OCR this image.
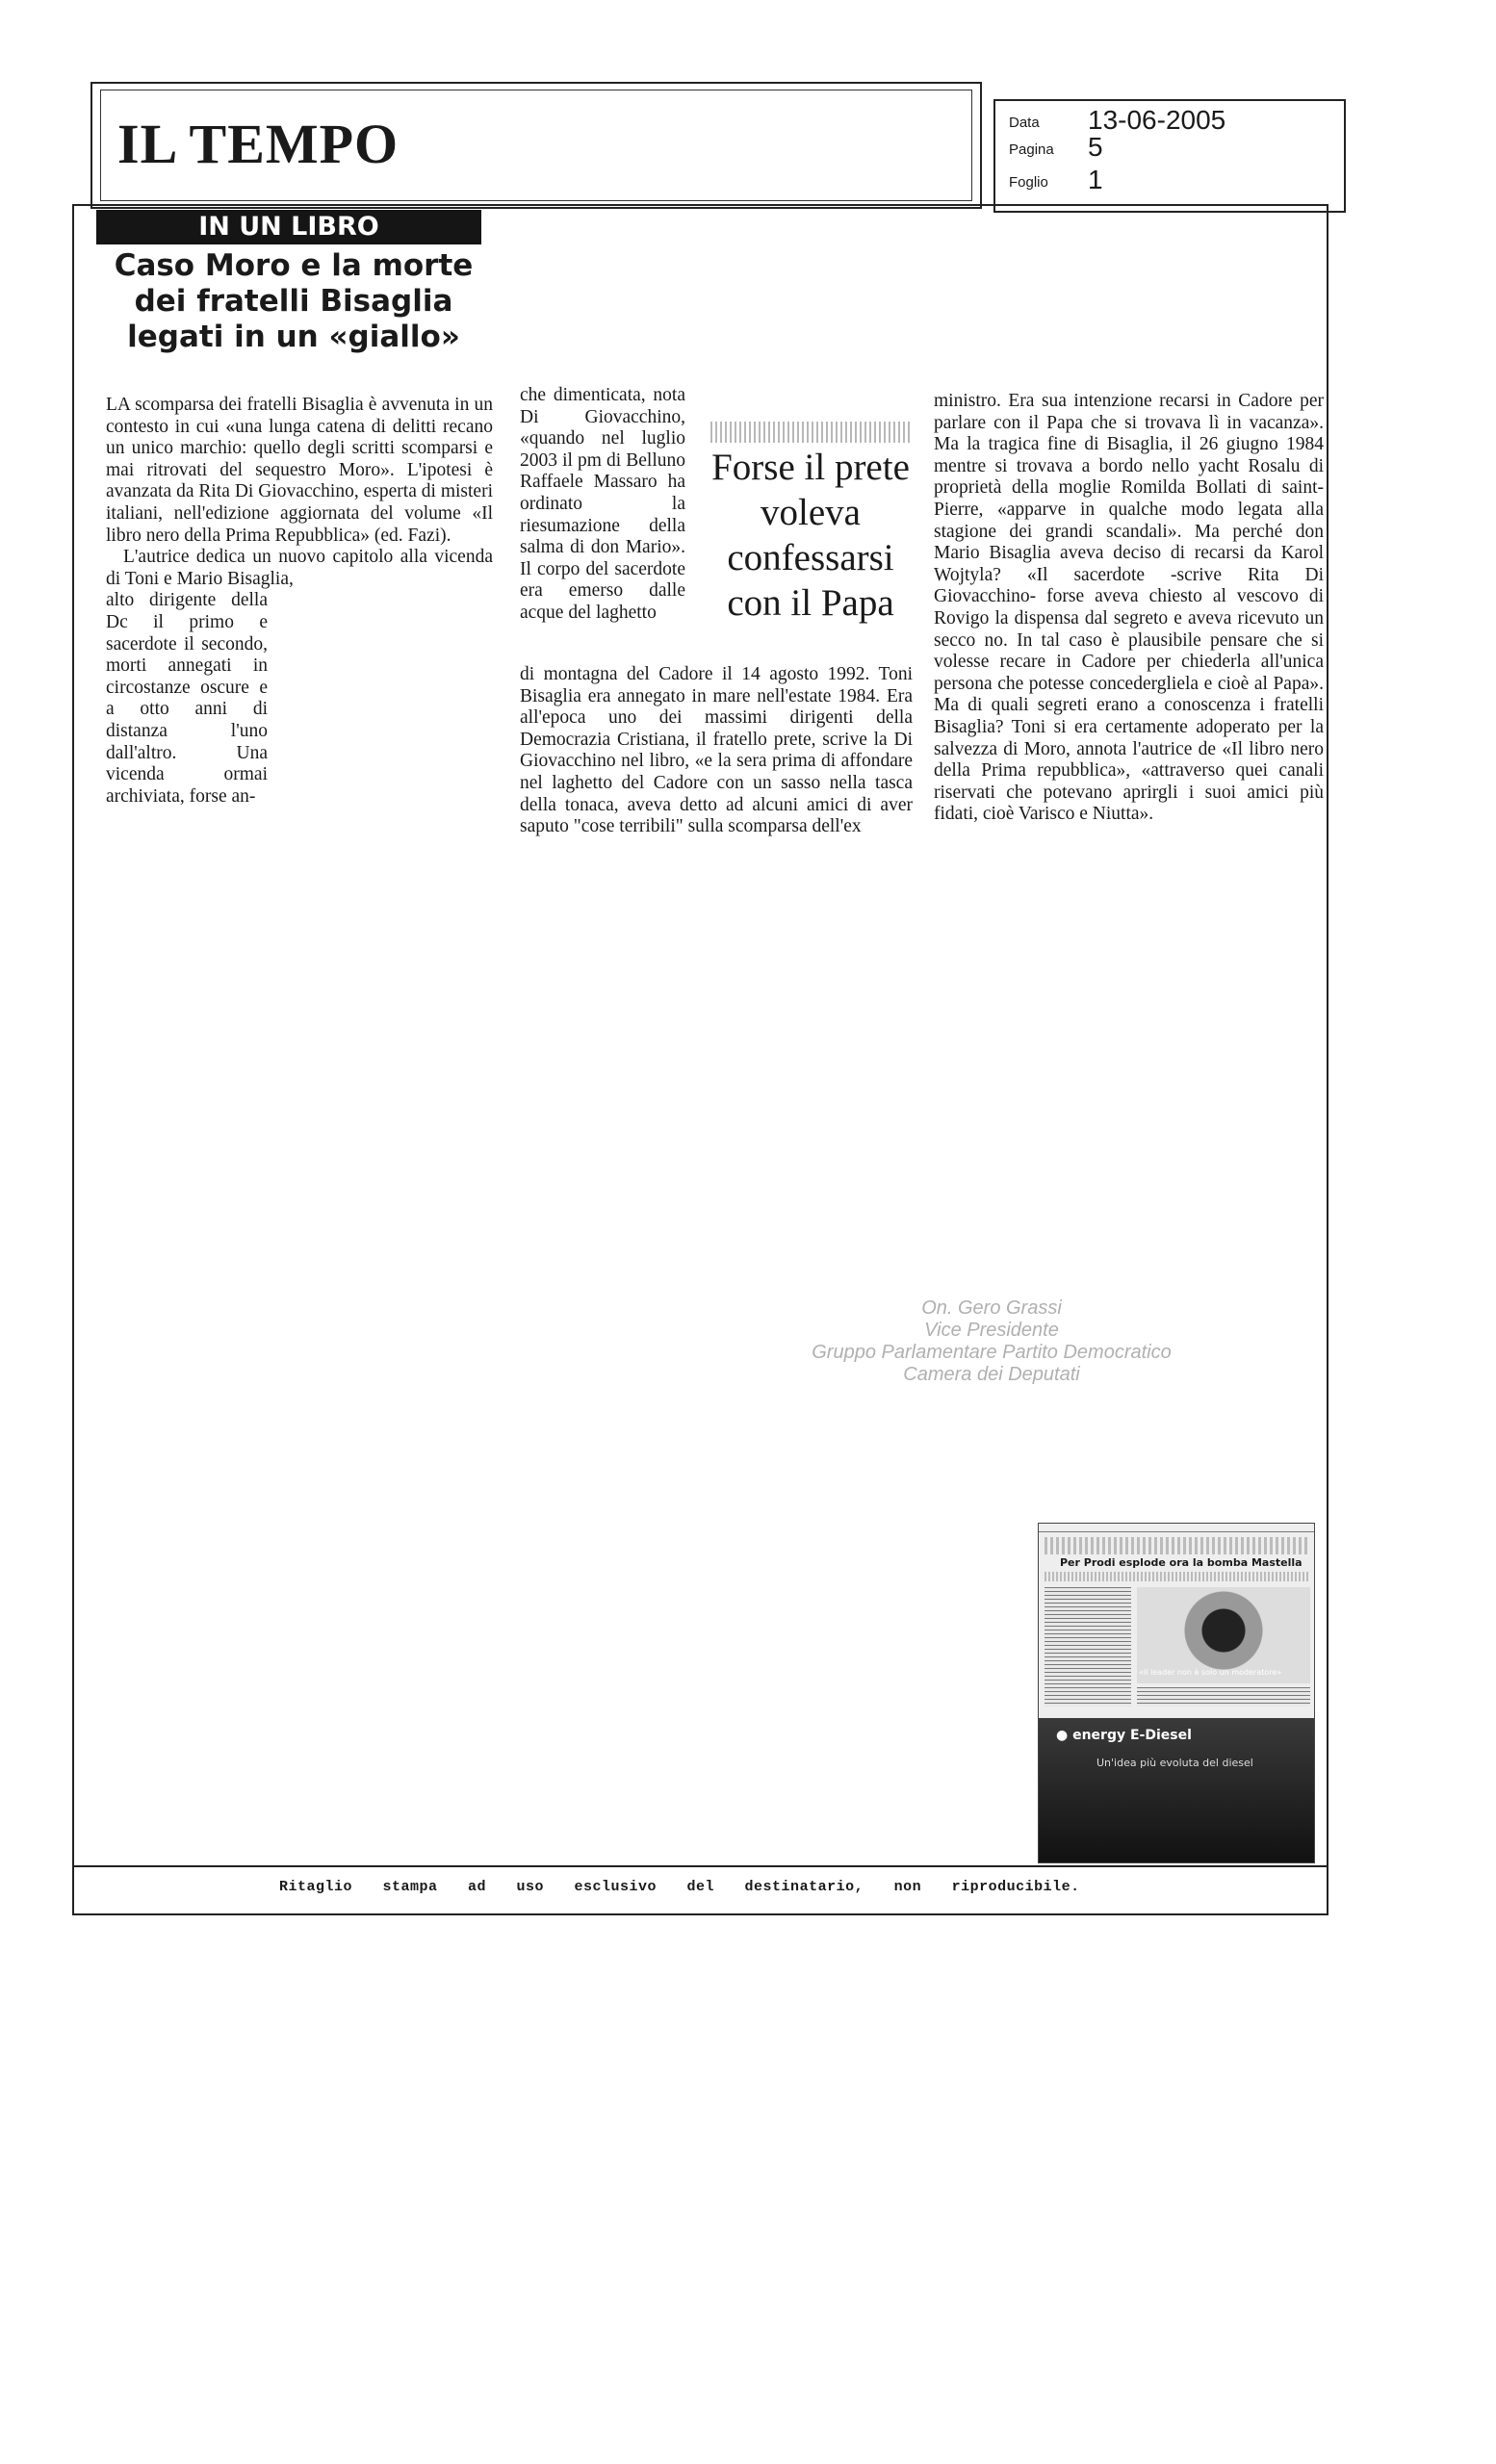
IL TEMPO	Data 13-06-2005
Pagina 5
Foglio 1
IN UN LIBRO
Caso Moro e la morte
dei fratelli Bisaglia
legati in un «giallo»

LA scomparsa dei fratelli Bisaglia è avvenuta in un contesto in cui «una lunga catena di delitti recano un unico marchio: quello degli scritti scomparsi e mai ritrovati del sequestro Moro». L'ipotesi è avanzata da Rita Di Giovacchino, esperta di misteri italiani, nell'edizione aggiornata del volume «Il libro nero della Prima Repubblica» (ed. Fazi).

L'autrice dedica un nuovo capitolo alla vicenda di Toni e Mario Bisaglia,

alto dirigente della Dc il primo e sacerdote il secondo, morti annegati in circostanze oscure e a otto anni di distanza l'uno dall'altro. Una vicenda ormai archiviata, forse an-

che dimenticata, nota Di Giovacchino, «quando nel luglio 2003 il pm di Belluno Raffaele Massaro ha ordinato la riesumazione della salma di don Mario». Il corpo del sacerdote era emerso dalle acque del laghetto

Forse il prete
voleva
confessarsi
con il Papa

di montagna del Cadore il 14 agosto 1992. Toni Bisaglia era annegato in mare nell'estate 1984. Era all'epoca uno dei massimi dirigenti della Democrazia Cristiana, il fratello prete, scrive la Di Giovacchino nel libro, «e la sera prima di affondare nel laghetto del Cadore con un sasso nella tasca della tonaca, aveva detto ad alcuni amici di aver saputo "cose terribili" sulla scomparsa dell'ex

ministro. Era sua intenzione recarsi in Cadore per parlare con il Papa che si trovava lì in vacanza». Ma la tragica fine di Bisaglia, il 26 giugno 1984 mentre si trovava a bordo nello yacht Rosalu di proprietà della moglie Romilda Bollati di saint-Pierre, «apparve in qualche modo legata alla stagione dei grandi scandali». Ma perché don Mario Bisaglia aveva deciso di recarsi da Karol Wojtyla? «Il sacerdote -scrive Rita Di Giovacchino- forse aveva chiesto al vescovo di Rovigo la dispensa dal segreto e aveva ricevuto un secco no. In tal caso è plausibile pensare che si volesse recare in Cadore per chiederla all'unica persona che potesse concedergliela e cioè al Papa». Ma di quali segreti erano a conoscenza i fratelli Bisaglia? Toni si era certamente adoperato per la salvezza di Moro, annota l'autrice de «Il libro nero della Prima repubblica», «attraverso quei canali riservati che potevano aprirgli i suoi amici più fidati, cioè Varisco e Niutta».

On. Gero Grassi
Vice Presidente
Gruppo Parlamentare Partito Democratico
Camera dei Deputati
Per Prodi esplode ora la bomba Mastella
«Il leader non è solo un moderatore»
● energy E-Diesel
Un'idea più evoluta del diesel
Ritaglio stampa ad uso esclusivo del destinatario, non riproducibile.
